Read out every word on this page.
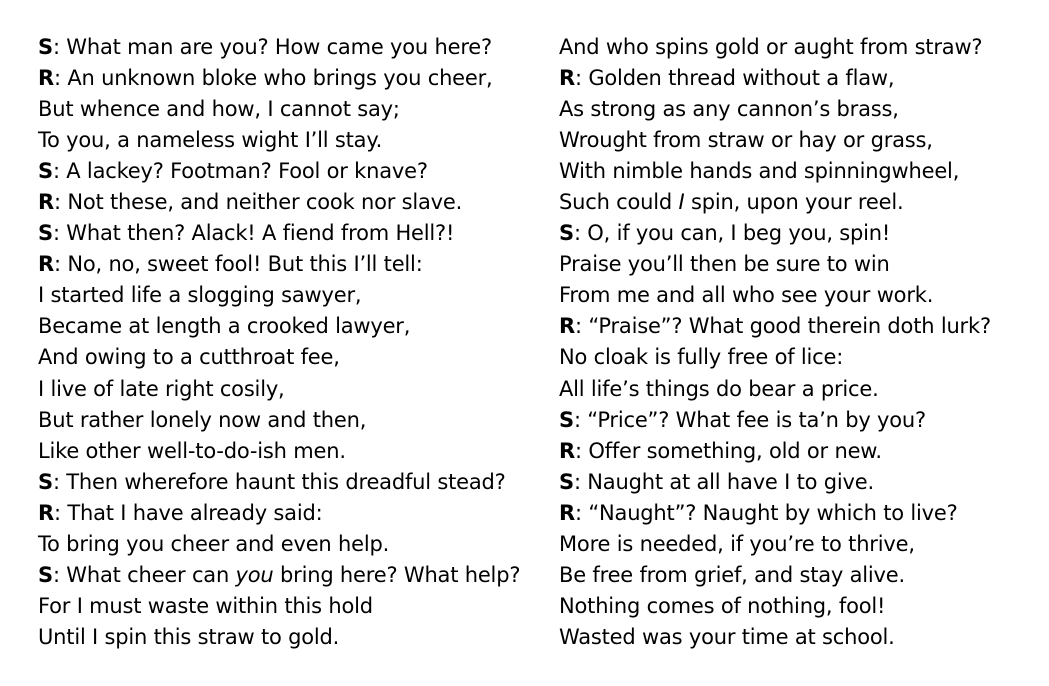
S: What man are you? How came you here?
R: An unknown bloke who brings you cheer,
But whence and how, I cannot say;
To you, a nameless wight I’ll stay.
S: A lackey? Footman? Fool or knave?
R: Not these, and neither cook nor slave.
S: What then? Alack! A fiend from Hell?!
R: No, no, sweet fool! But this I’ll tell:
I started life a slogging sawyer,
Became at length a crooked lawyer,
And owing to a cutthroat fee,
I live of late right cosily,
But rather lonely now and then,
Like other well-to-do-ish men.
S: Then wherefore haunt this dreadful stead?
R: That I have already said:
To bring you cheer and even help.
S: What cheer can you bring here? What help?
For I must waste within this hold
Until I spin this straw to gold.
And who spins gold or aught from straw?
R: Golden thread without a flaw,
As strong as any cannon’s brass,
Wrought from straw or hay or grass,
With nimble hands and spinningwheel,
Such could I spin, upon your reel.
S: O, if you can, I beg you, spin!
Praise you’ll then be sure to win
From me and all who see your work.
R: “Praise”? What good therein doth lurk?
No cloak is fully free of lice:
All life’s things do bear a price.
S: “Price”? What fee is ta’n by you?
R: Offer something, old or new.
S: Naught at all have I to give.
R: “Naught”? Naught by which to live?
More is needed, if you’re to thrive,
Be free from grief, and stay alive.
Nothing comes of nothing, fool!
Wasted was your time at school.
